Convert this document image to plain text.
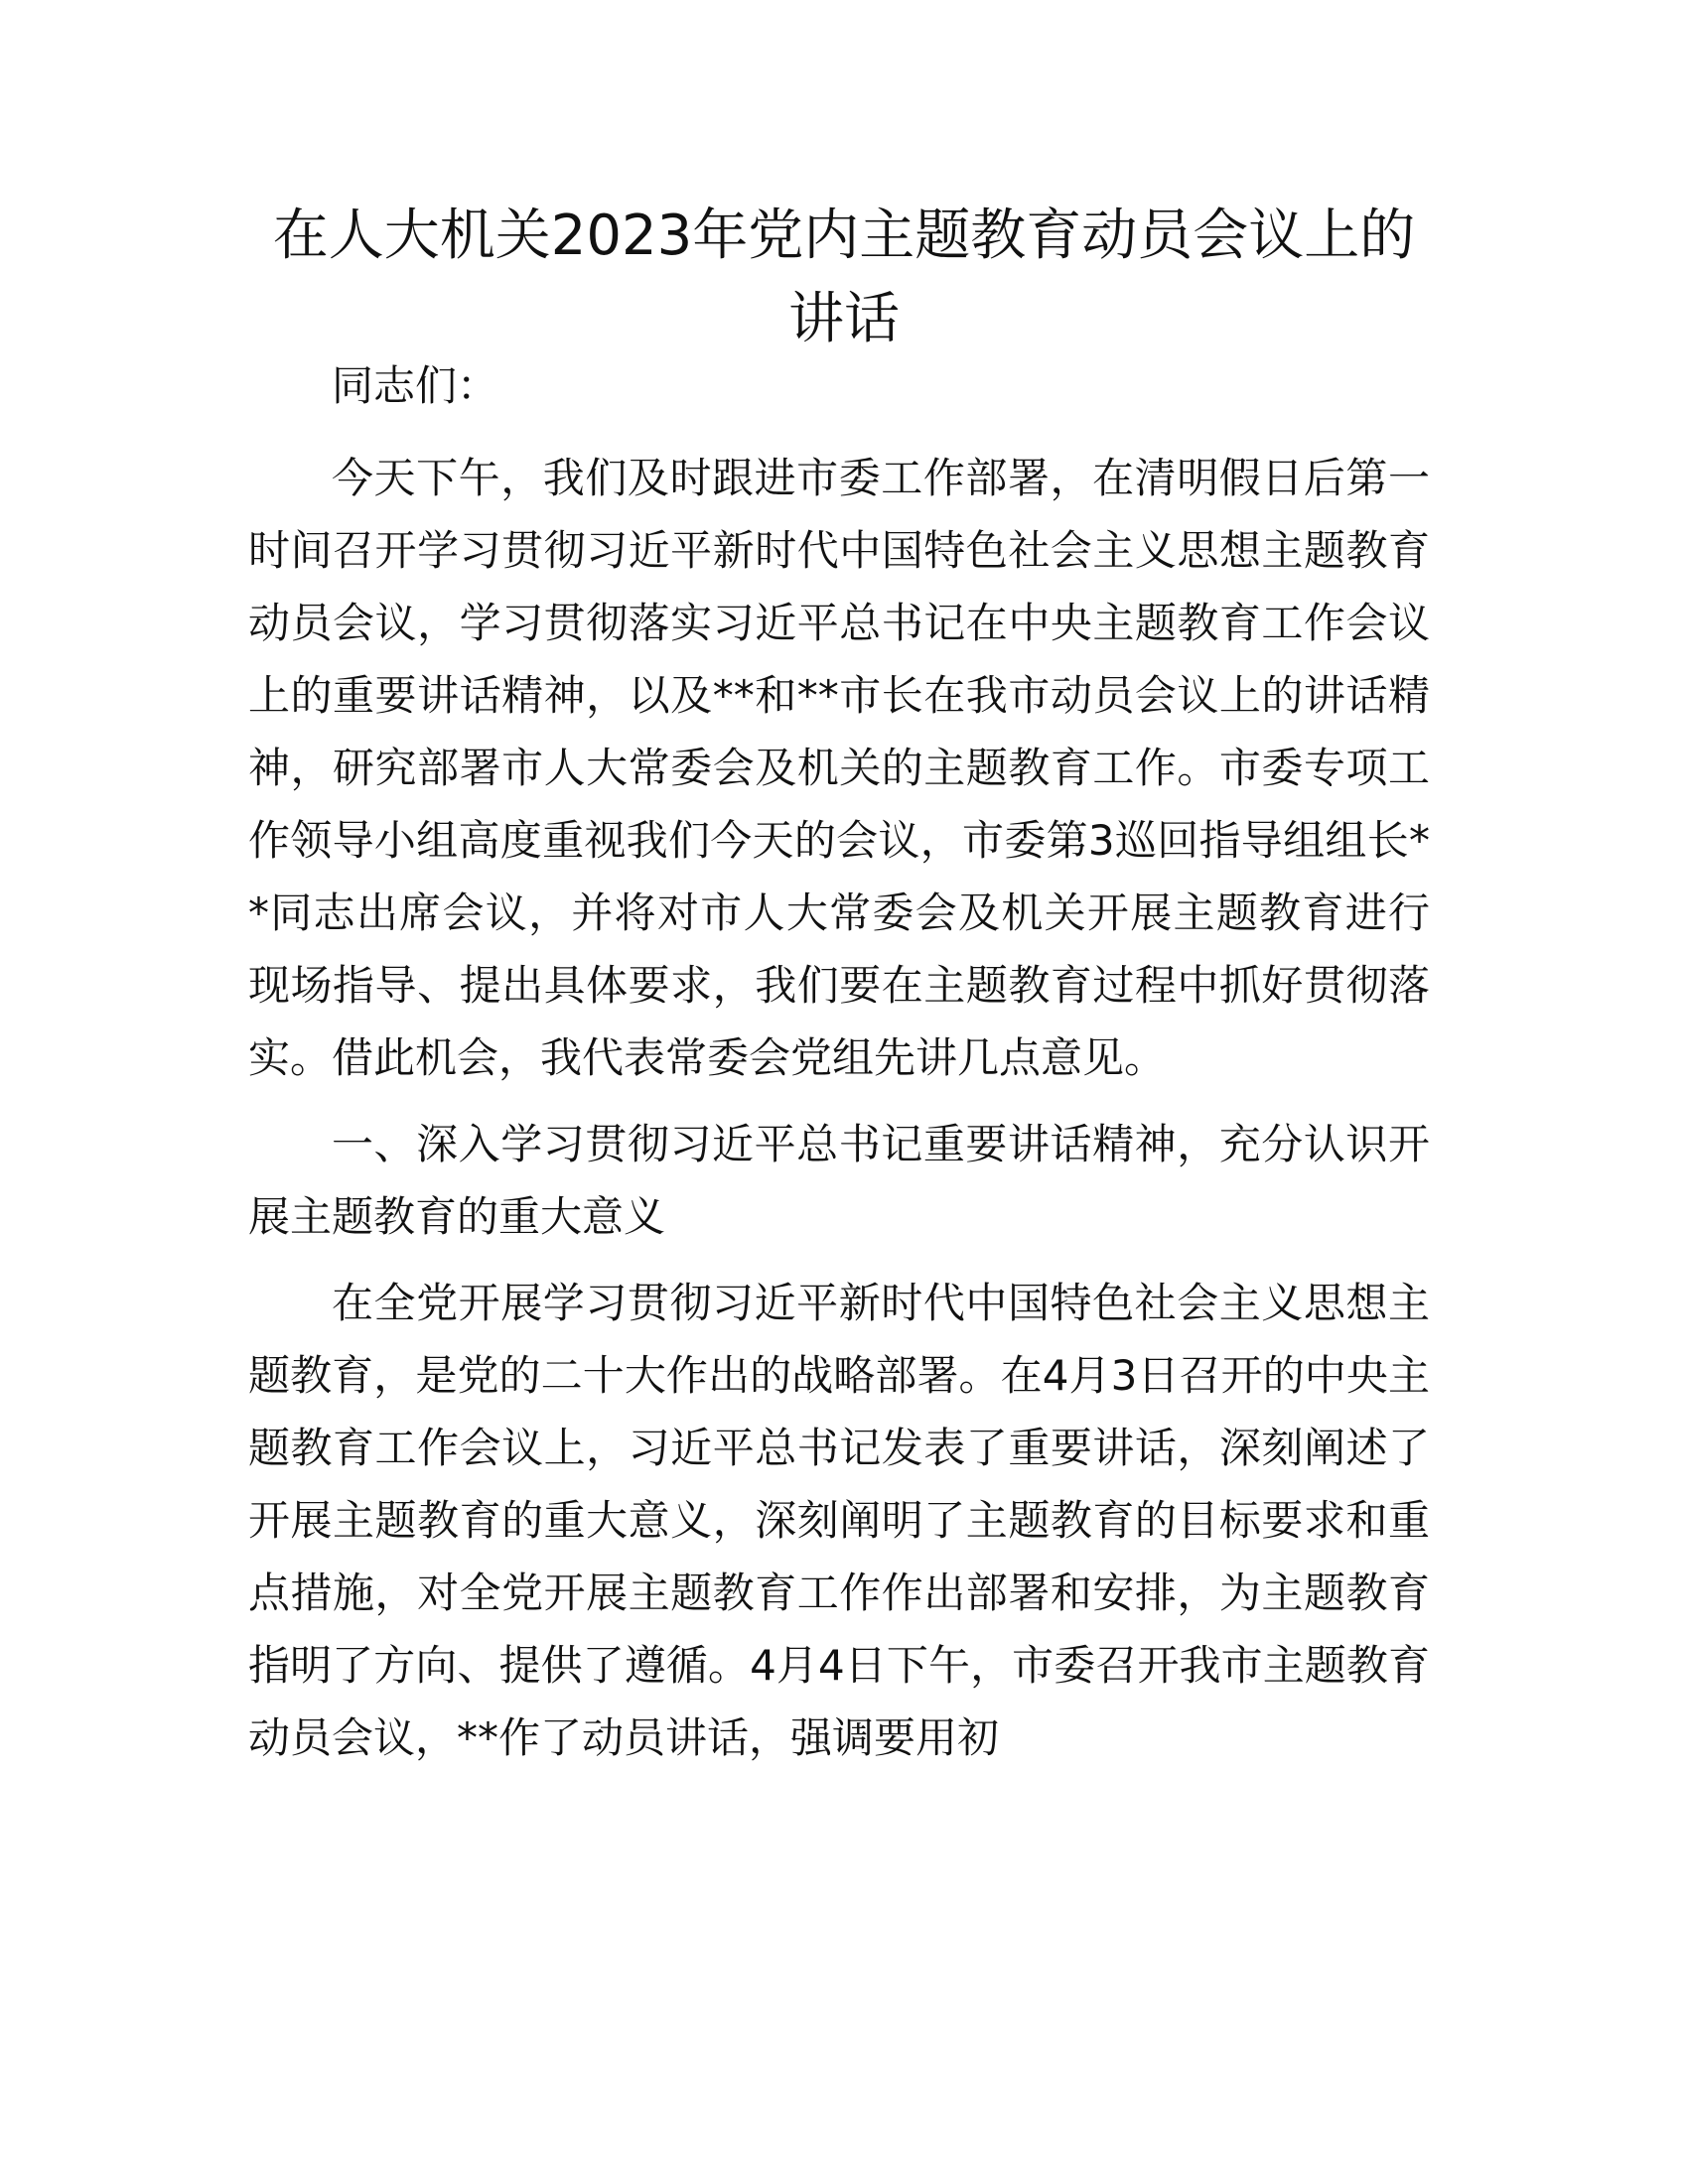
在人大机关2023年党内主题教育动员会议上的讲话

同志们：

今天下午，我们及时跟进市委工作部署，在清明假日后第一时间召开学习贯彻习近平新时代中国特色社会主义思想主题教育动员会议，学习贯彻落实习近平总书记在中央主题教育工作会议上的重要讲话精神，以及**和**市长在我市动员会议上的讲话精神，研究部署市人大常委会及机关的主题教育工作。市委专项工作领导小组高度重视我们今天的会议，市委第3巡回指导组组长**同志出席会议，并将对市人大常委会及机关开展主题教育进行现场指导、提出具体要求，我们要在主题教育过程中抓好贯彻落实。借此机会，我代表常委会党组先讲几点意见。

一、深入学习贯彻习近平总书记重要讲话精神，充分认识开展主题教育的重大意义

在全党开展学习贯彻习近平新时代中国特色社会主义思想主题教育，是党的二十大作出的战略部署。在4月3日召开的中央主题教育工作会议上，习近平总书记发表了重要讲话，深刻阐述了开展主题教育的重大意义，深刻阐明了主题教育的目标要求和重点措施，对全党开展主题教育工作作出部署和安排，为主题教育指明了方向、提供了遵循。4月4日下午，市委召开我市主题教育动员会议，**作了动员讲话，强调要用初
